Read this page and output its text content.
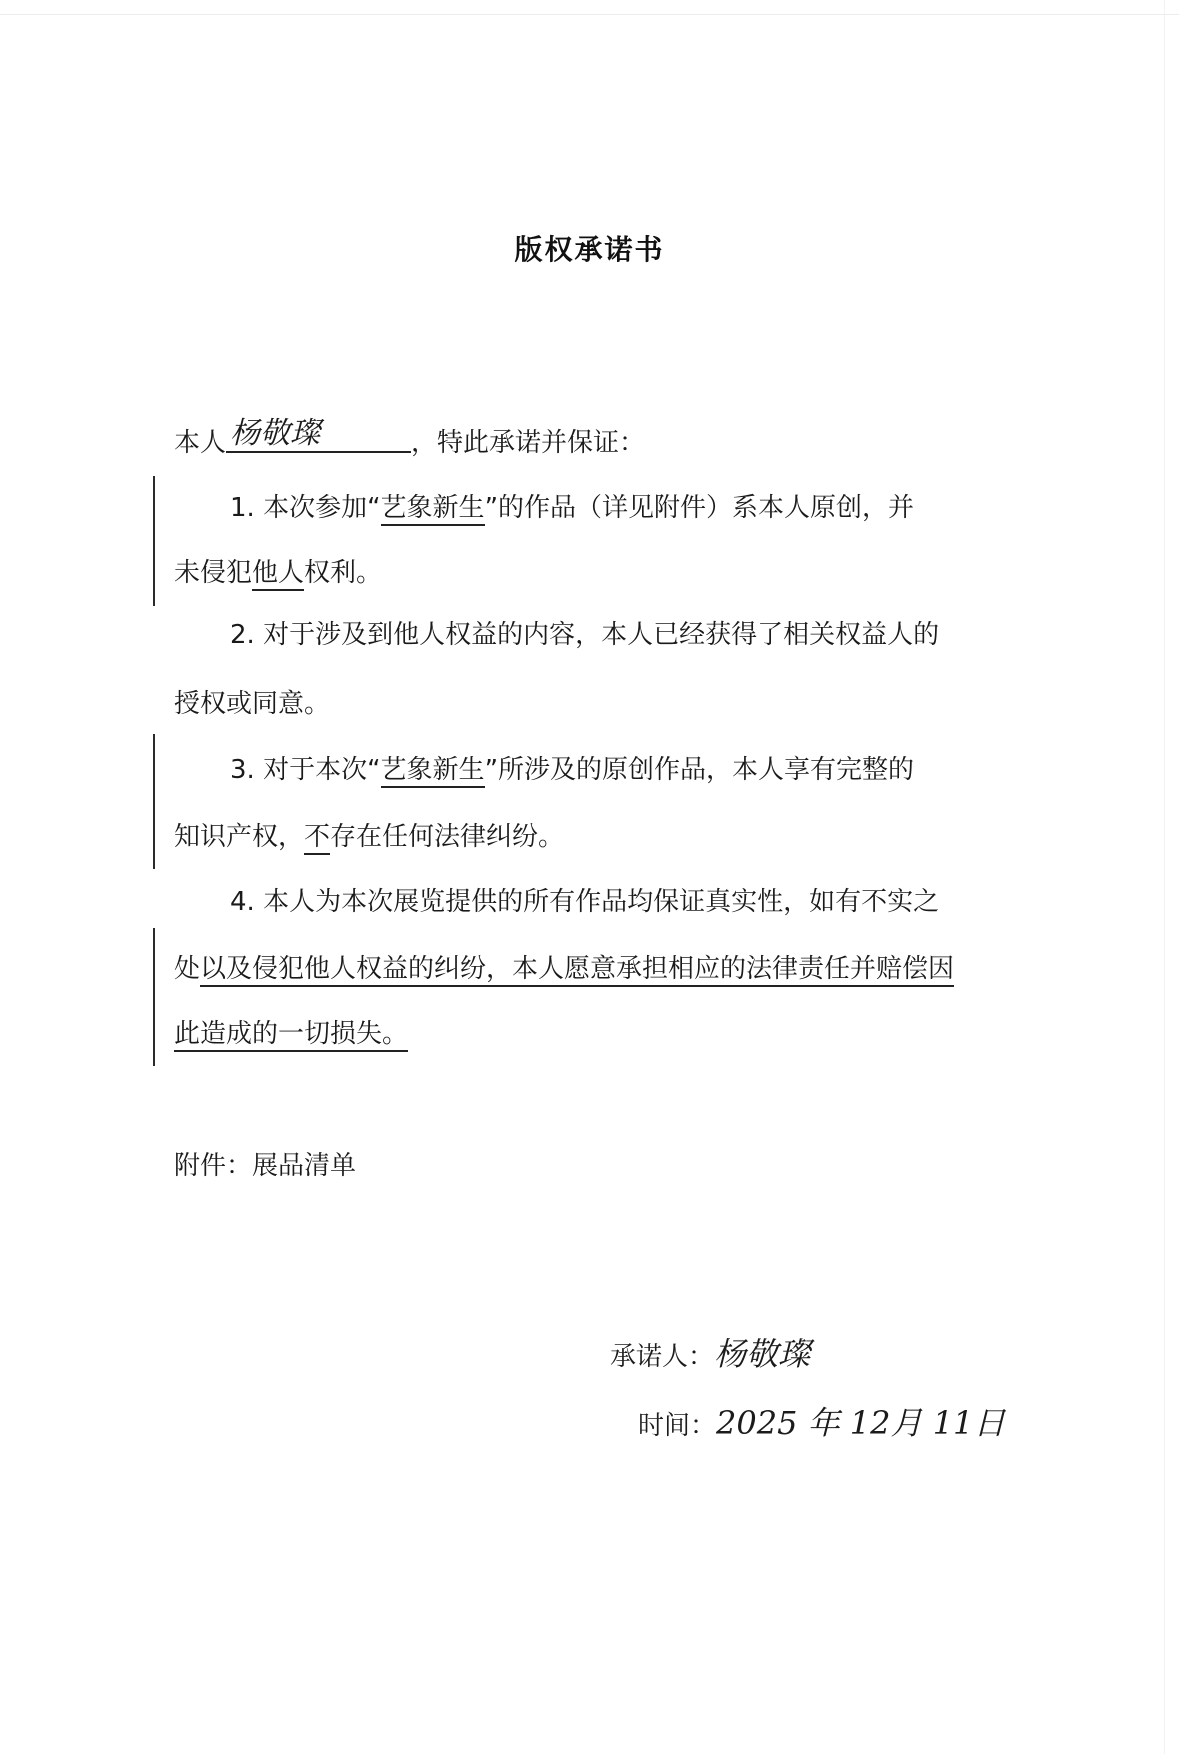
版权承诺书
本人 杨敬璨	，特此承诺并保证：
1. 本次参加“艺象新生”的作品（详见附件）系本人原创，并
未侵犯他人权利。
2. 对于涉及到他人权益的内容，本人已经获得了相关权益人的
授权或同意。
3. 对于本次“艺象新生”所涉及的原创作品，本人享有完整的
知识产权，不存在任何法律纠纷。
4. 本人为本次展览提供的所有作品均保证真实性，如有不实之
处以及侵犯他人权益的纠纷，本人愿意承担相应的法律责任并赔偿因
此造成的一切损失。
附件：展品清单
承诺人：杨敬璨
时间：2025 年 12月 11日
